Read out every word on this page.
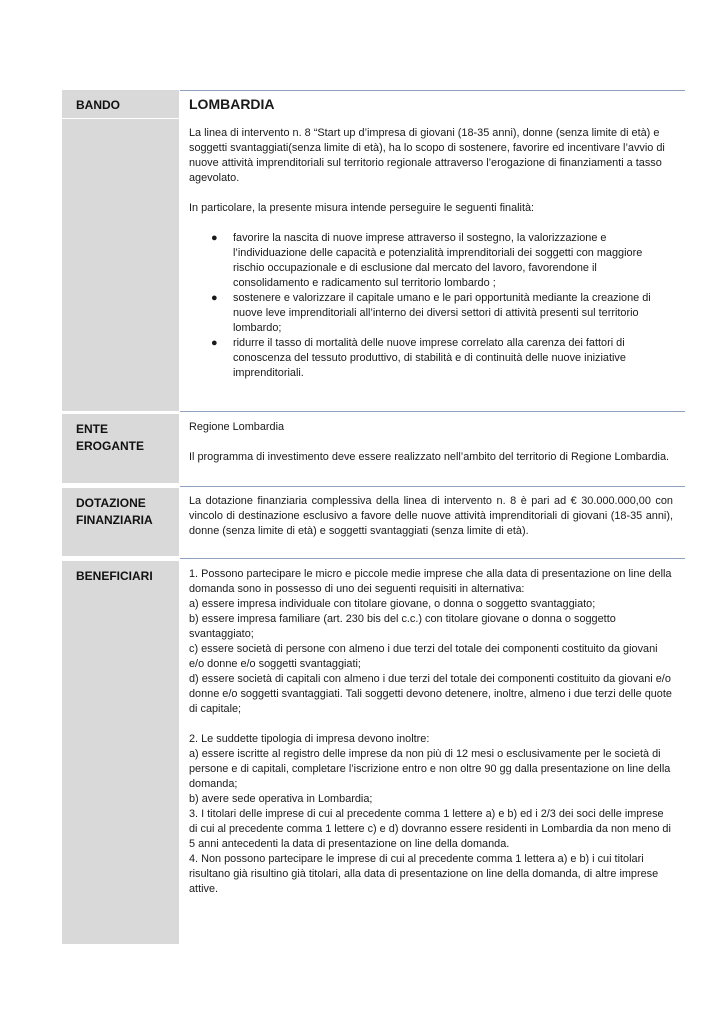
BANDO	LOMBARDIA

La linea di intervento n. 8 “Start up d’impresa di giovani (18-35 anni), donne (senza limite di età) e soggetti svantaggiati(senza limite di età), ha lo scopo di sostenere, favorire ed incentivare l’avvio di nuove attività imprenditoriali sul territorio regionale attraverso l’erogazione di finanziamenti a tasso agevolato.

In particolare, la presente misura intende perseguire le seguenti finalità:

● favorire la nascita di nuove imprese attraverso il sostegno, la valorizzazione e l’individuazione delle capacità e potenzialità imprenditoriali dei soggetti con maggiore rischio occupazionale e di esclusione dal mercato del lavoro, favorendone il consolidamento e radicamento sul territorio lombardo ;
● sostenere e valorizzare il capitale umano e le pari opportunità mediante la creazione di nuove leve imprenditoriali all’interno dei diversi settori di attività presenti sul territorio lombardo;
● ridurre il tasso di mortalità delle nuove imprese correlato alla carenza dei fattori di conoscenza del tessuto produttivo, di stabilità e di continuità delle nuove iniziative imprenditoriali.
ENTE
EROGANTE

Regione Lombardia

Il programma di investimento deve essere realizzato nell’ambito del territorio di Regione Lombardia.

DOTAZIONE
FINANZIARIA

La dotazione finanziaria complessiva della linea di intervento n. 8 è pari ad € 30.000.000,00 con vincolo di destinazione esclusivo a favore delle nuove attività imprenditoriali di giovani (18-35 anni), donne (senza limite di età) e soggetti svantaggiati (senza limite di età).

BENEFICIARI	1. Possono partecipare le micro e piccole medie imprese che alla data di presentazione on line della domanda sono in possesso di uno dei seguenti requisiti in alternativa:

a) essere impresa individuale con titolare giovane, o donna o soggetto svantaggiato;

b) essere impresa familiare (art. 230 bis del c.c.) con titolare giovane o donna o soggetto svantaggiato;

c) essere società di persone con almeno i due terzi del totale dei componenti costituito da giovani e/o donne e/o soggetti svantaggiati;

d) essere società di capitali con almeno i due terzi del totale dei componenti costituito da giovani e/o donne e/o soggetti svantaggiati. Tali soggetti devono detenere, inoltre, almeno i due terzi delle quote di capitale;

2. Le suddette tipologia di impresa devono inoltre:

a) essere iscritte al registro delle imprese da non più di 12 mesi o esclusivamente per le società di persone e di capitali, completare l’iscrizione entro e non oltre 90 gg dalla presentazione on line della domanda;

b) avere sede operativa in Lombardia;

3. I titolari delle imprese di cui al precedente comma 1 lettere a) e b) ed i 2/3 dei soci delle imprese di cui al precedente comma 1 lettere c) e d) dovranno essere residenti in Lombardia da non meno di 5 anni antecedenti la data di presentazione on line della domanda.

4. Non possono partecipare le imprese di cui al precedente comma 1 lettera a) e b) i cui titolari risultano già risultino già titolari, alla data di presentazione on line della domanda, di altre imprese attive.
